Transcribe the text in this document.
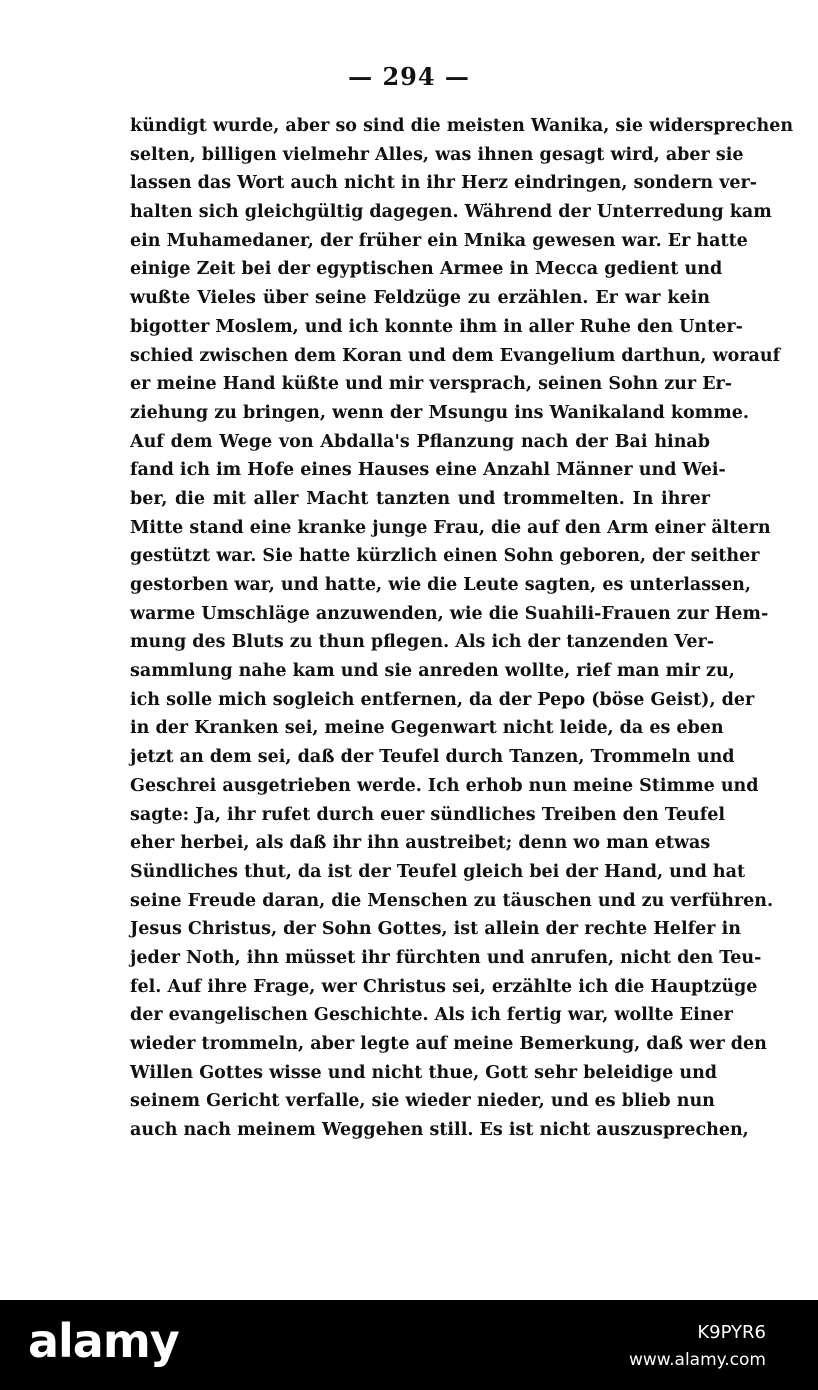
— 294 —
kündigt wurde, aber so sind die meisten Wanika, sie widersprechen
selten, billigen vielmehr Alles, was ihnen gesagt wird, aber sie
lassen das Wort auch nicht in ihr Herz eindringen, sondern ver-
halten sich gleichgültig dagegen. Während der Unterredung kam
ein Muhamedaner, der früher ein Mnika gewesen war. Er hatte
einige Zeit bei der egyptischen Armee in Mecca gedient und
wußte Vieles über seine Feldzüge zu erzählen. Er war kein
bigotter Moslem, und ich konnte ihm in aller Ruhe den Unter-
schied zwischen dem Koran und dem Evangelium darthun, worauf
er meine Hand küßte und mir versprach, seinen Sohn zur Er-
ziehung zu bringen, wenn der Msungu ins Wanikaland komme.
Auf dem Wege von Abdalla's Pflanzung nach der Bai hinab
fand ich im Hofe eines Hauses eine Anzahl Männer und Wei-
ber, die mit aller Macht tanzten und trommelten. In ihrer
Mitte stand eine kranke junge Frau, die auf den Arm einer ältern
gestützt war. Sie hatte kürzlich einen Sohn geboren, der seither
gestorben war, und hatte, wie die Leute sagten, es unterlassen,
warme Umschläge anzuwenden, wie die Suahili-Frauen zur Hem-
mung des Bluts zu thun pflegen. Als ich der tanzenden Ver-
sammlung nahe kam und sie anreden wollte, rief man mir zu,
ich solle mich sogleich entfernen, da der Pepo (böse Geist), der
in der Kranken sei, meine Gegenwart nicht leide, da es eben
jetzt an dem sei, daß der Teufel durch Tanzen, Trommeln und
Geschrei ausgetrieben werde. Ich erhob nun meine Stimme und
sagte: Ja, ihr rufet durch euer sündliches Treiben den Teufel
eher herbei, als daß ihr ihn austreibet; denn wo man etwas
Sündliches thut, da ist der Teufel gleich bei der Hand, und hat
seine Freude daran, die Menschen zu täuschen und zu verführen.
Jesus Christus, der Sohn Gottes, ist allein der rechte Helfer in
jeder Noth, ihn müsset ihr fürchten und anrufen, nicht den Teu-
fel. Auf ihre Frage, wer Christus sei, erzählte ich die Hauptzüge
der evangelischen Geschichte. Als ich fertig war, wollte Einer
wieder trommeln, aber legte auf meine Bemerkung, daß wer den
Willen Gottes wisse und nicht thue, Gott sehr beleidige und
seinem Gericht verfalle, sie wieder nieder, und es blieb nun
auch nach meinem Weggehen still. Es ist nicht auszusprechen,
alamy	K9PYR6
www.alamy.com
